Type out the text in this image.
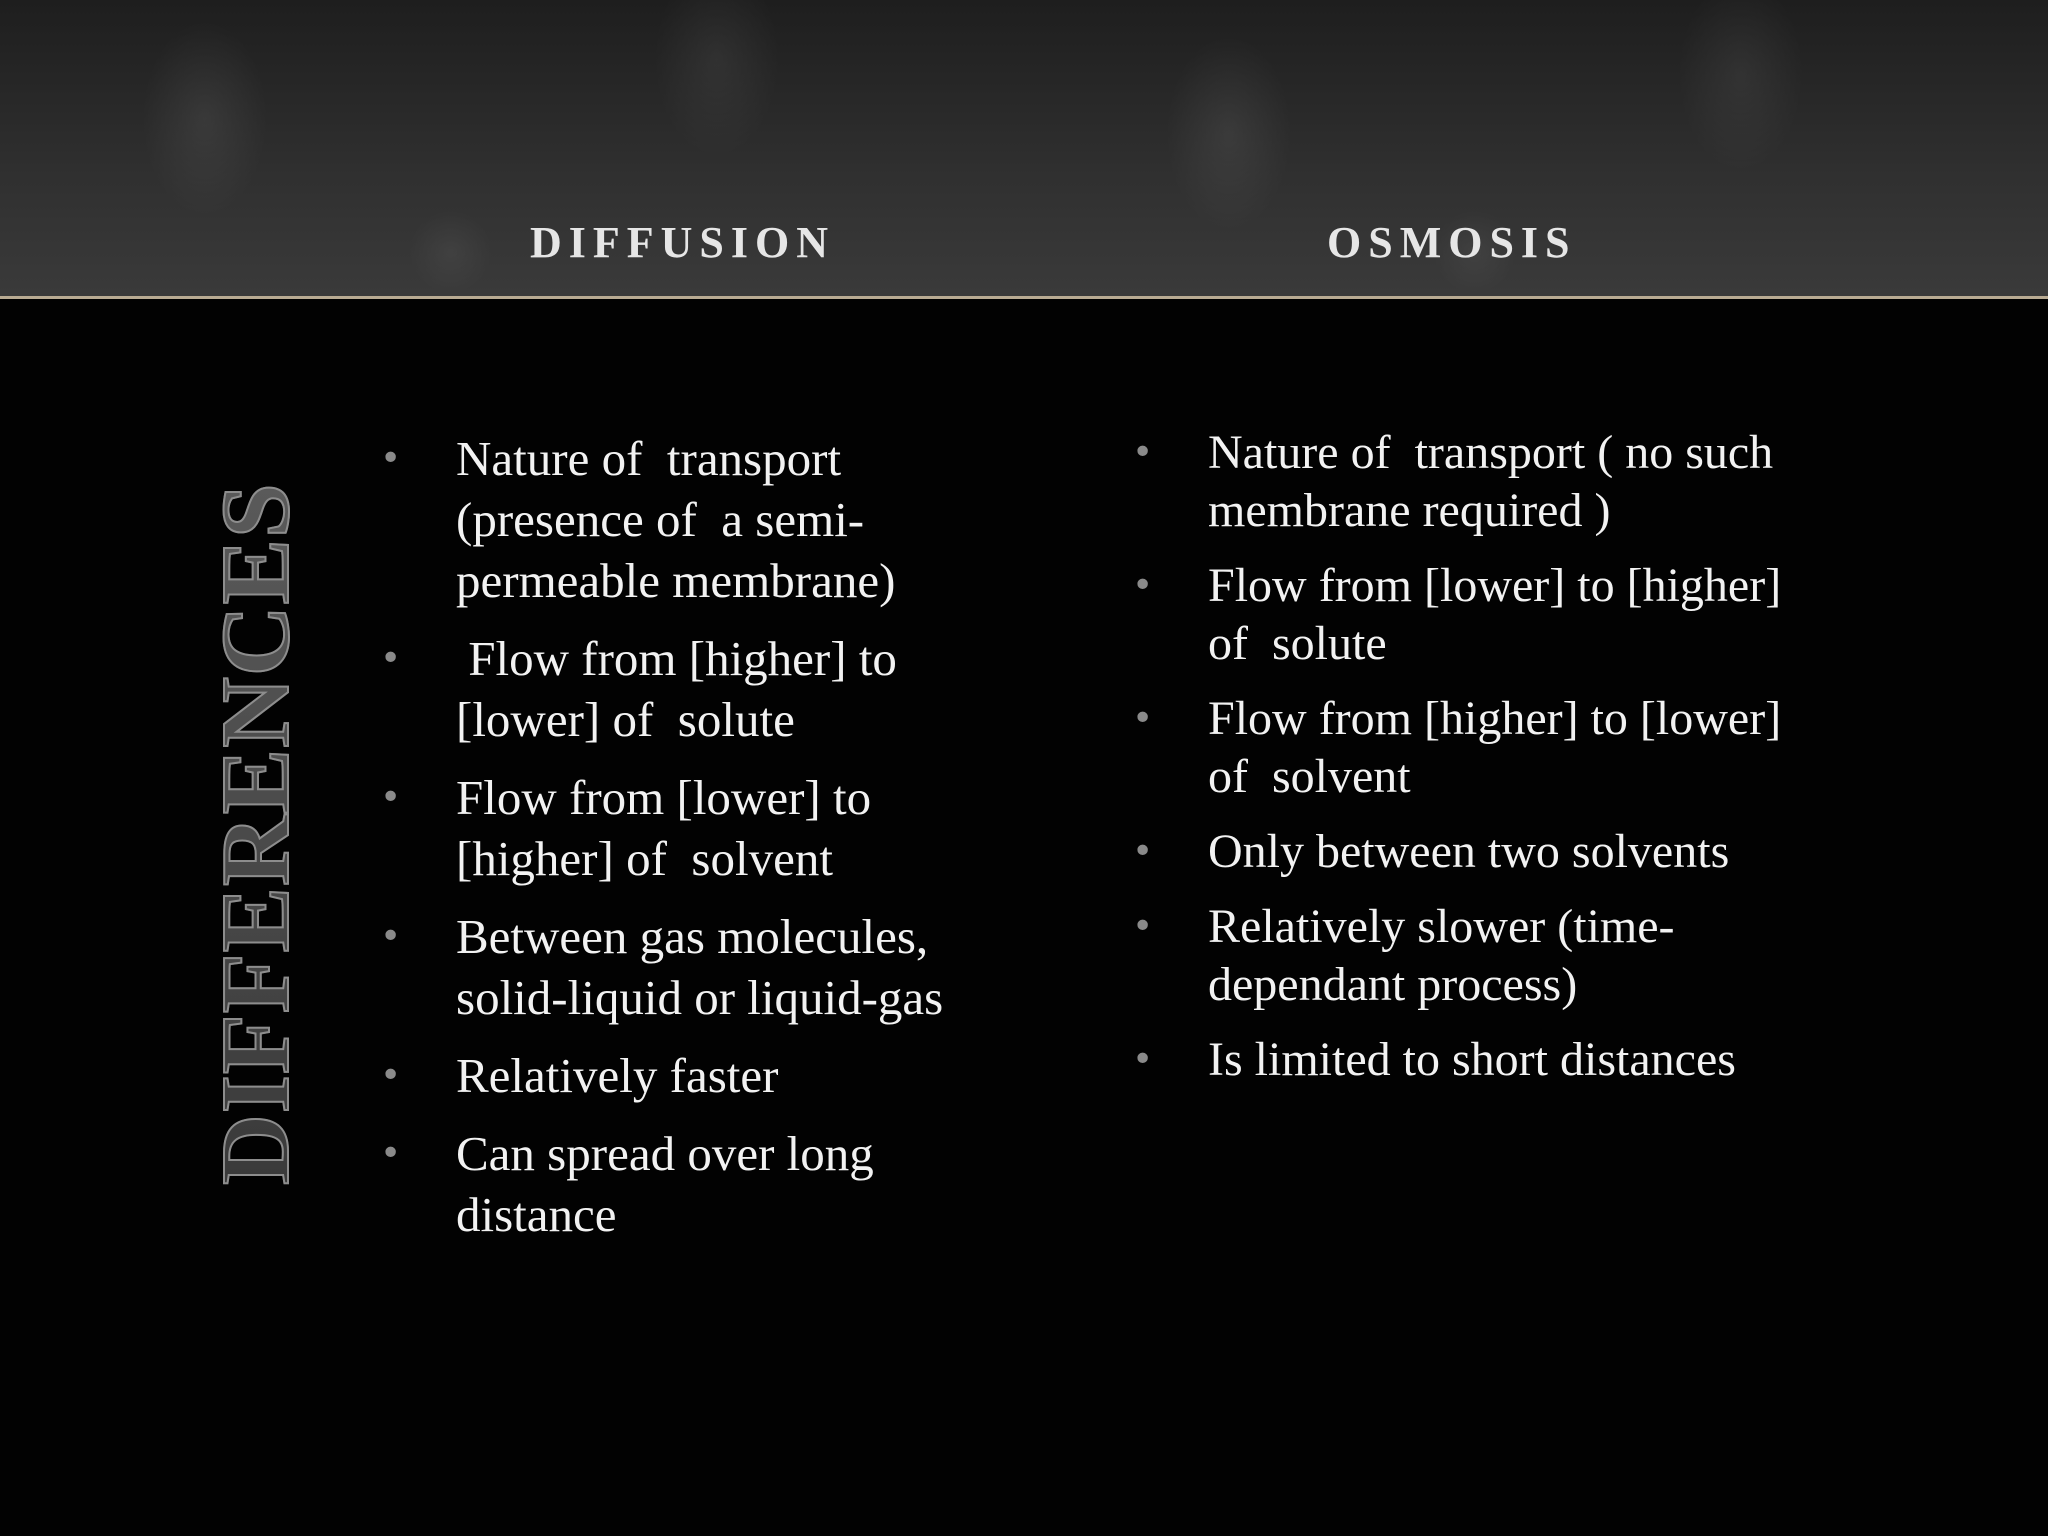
DIFFUSION	OSMOSIS
DIFFERENCES
• Nature of  transport (presence of  a semi-permeable membrane)
• Flow from [higher] to [lower] of  solute
• Flow from [lower] to [higher] of  solvent
• Between gas molecules, solid-liquid or liquid-gas
• Relatively faster
• Can spread over long distance
• Nature of  transport ( no such membrane required )
• Flow from [lower] to [higher] of  solute
• Flow from [higher] to [lower] of  solvent
• Only between two solvents
• Relatively slower (time-dependant process)
• Is limited to short distances
